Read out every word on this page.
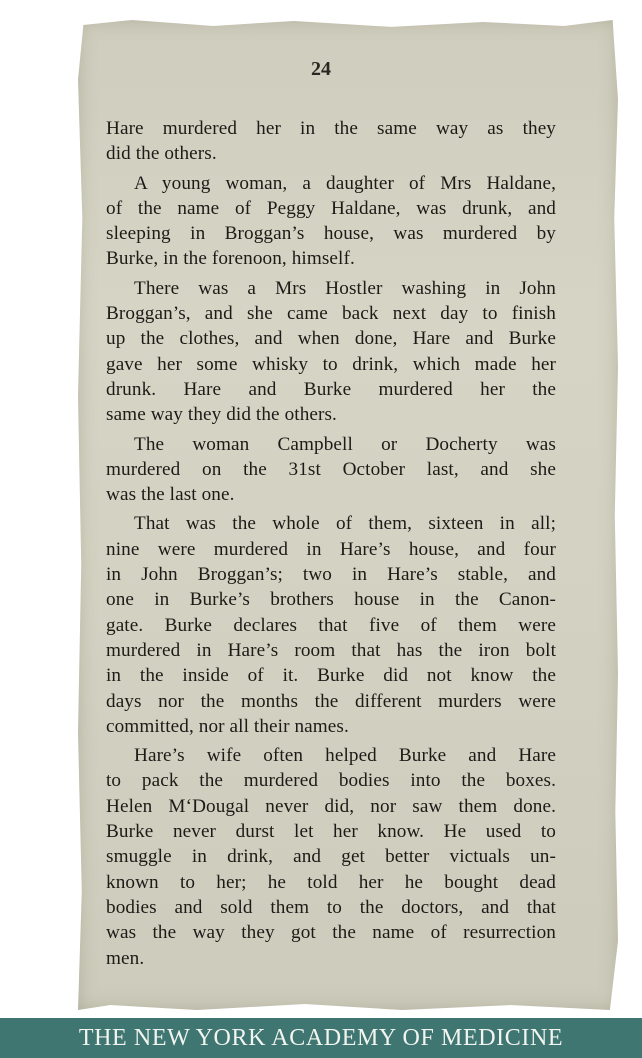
24
Hare murdered her in the same way as they
did the others.
A young woman, a daughter of Mrs Haldane,
of the name of Peggy Haldane, was drunk, and
sleeping in Broggan’s house, was murdered by
Burke, in the forenoon, himself.
There was a Mrs Hostler washing in John
Broggan’s, and she came back next day to finish
up the clothes, and when done, Hare and Burke
gave her some whisky to drink, which made her
drunk. Hare and Burke murdered her the
same way they did the others.
The woman Campbell or Docherty was
murdered on the 31st October last, and she
was the last one.
That was the whole of them, sixteen in all;
nine were murdered in Hare’s house, and four
in John Broggan’s; two in Hare’s stable, and
one in Burke’s brothers house in the Canon-
gate. Burke declares that five of them were
murdered in Hare’s room that has the iron bolt
in the inside of it. Burke did not know the
days nor the months the different murders were
committed, nor all their names.
Hare’s wife often helped Burke and Hare
to pack the murdered bodies into the boxes.
Helen M‘Dougal never did, nor saw them done.
Burke never durst let her know. He used to
smuggle in drink, and get better victuals un-
known to her; he told her he bought dead
bodies and sold them to the doctors, and that
was the way they got the name of resurrection
men.
THE NEW YORK ACADEMY OF MEDICINE
